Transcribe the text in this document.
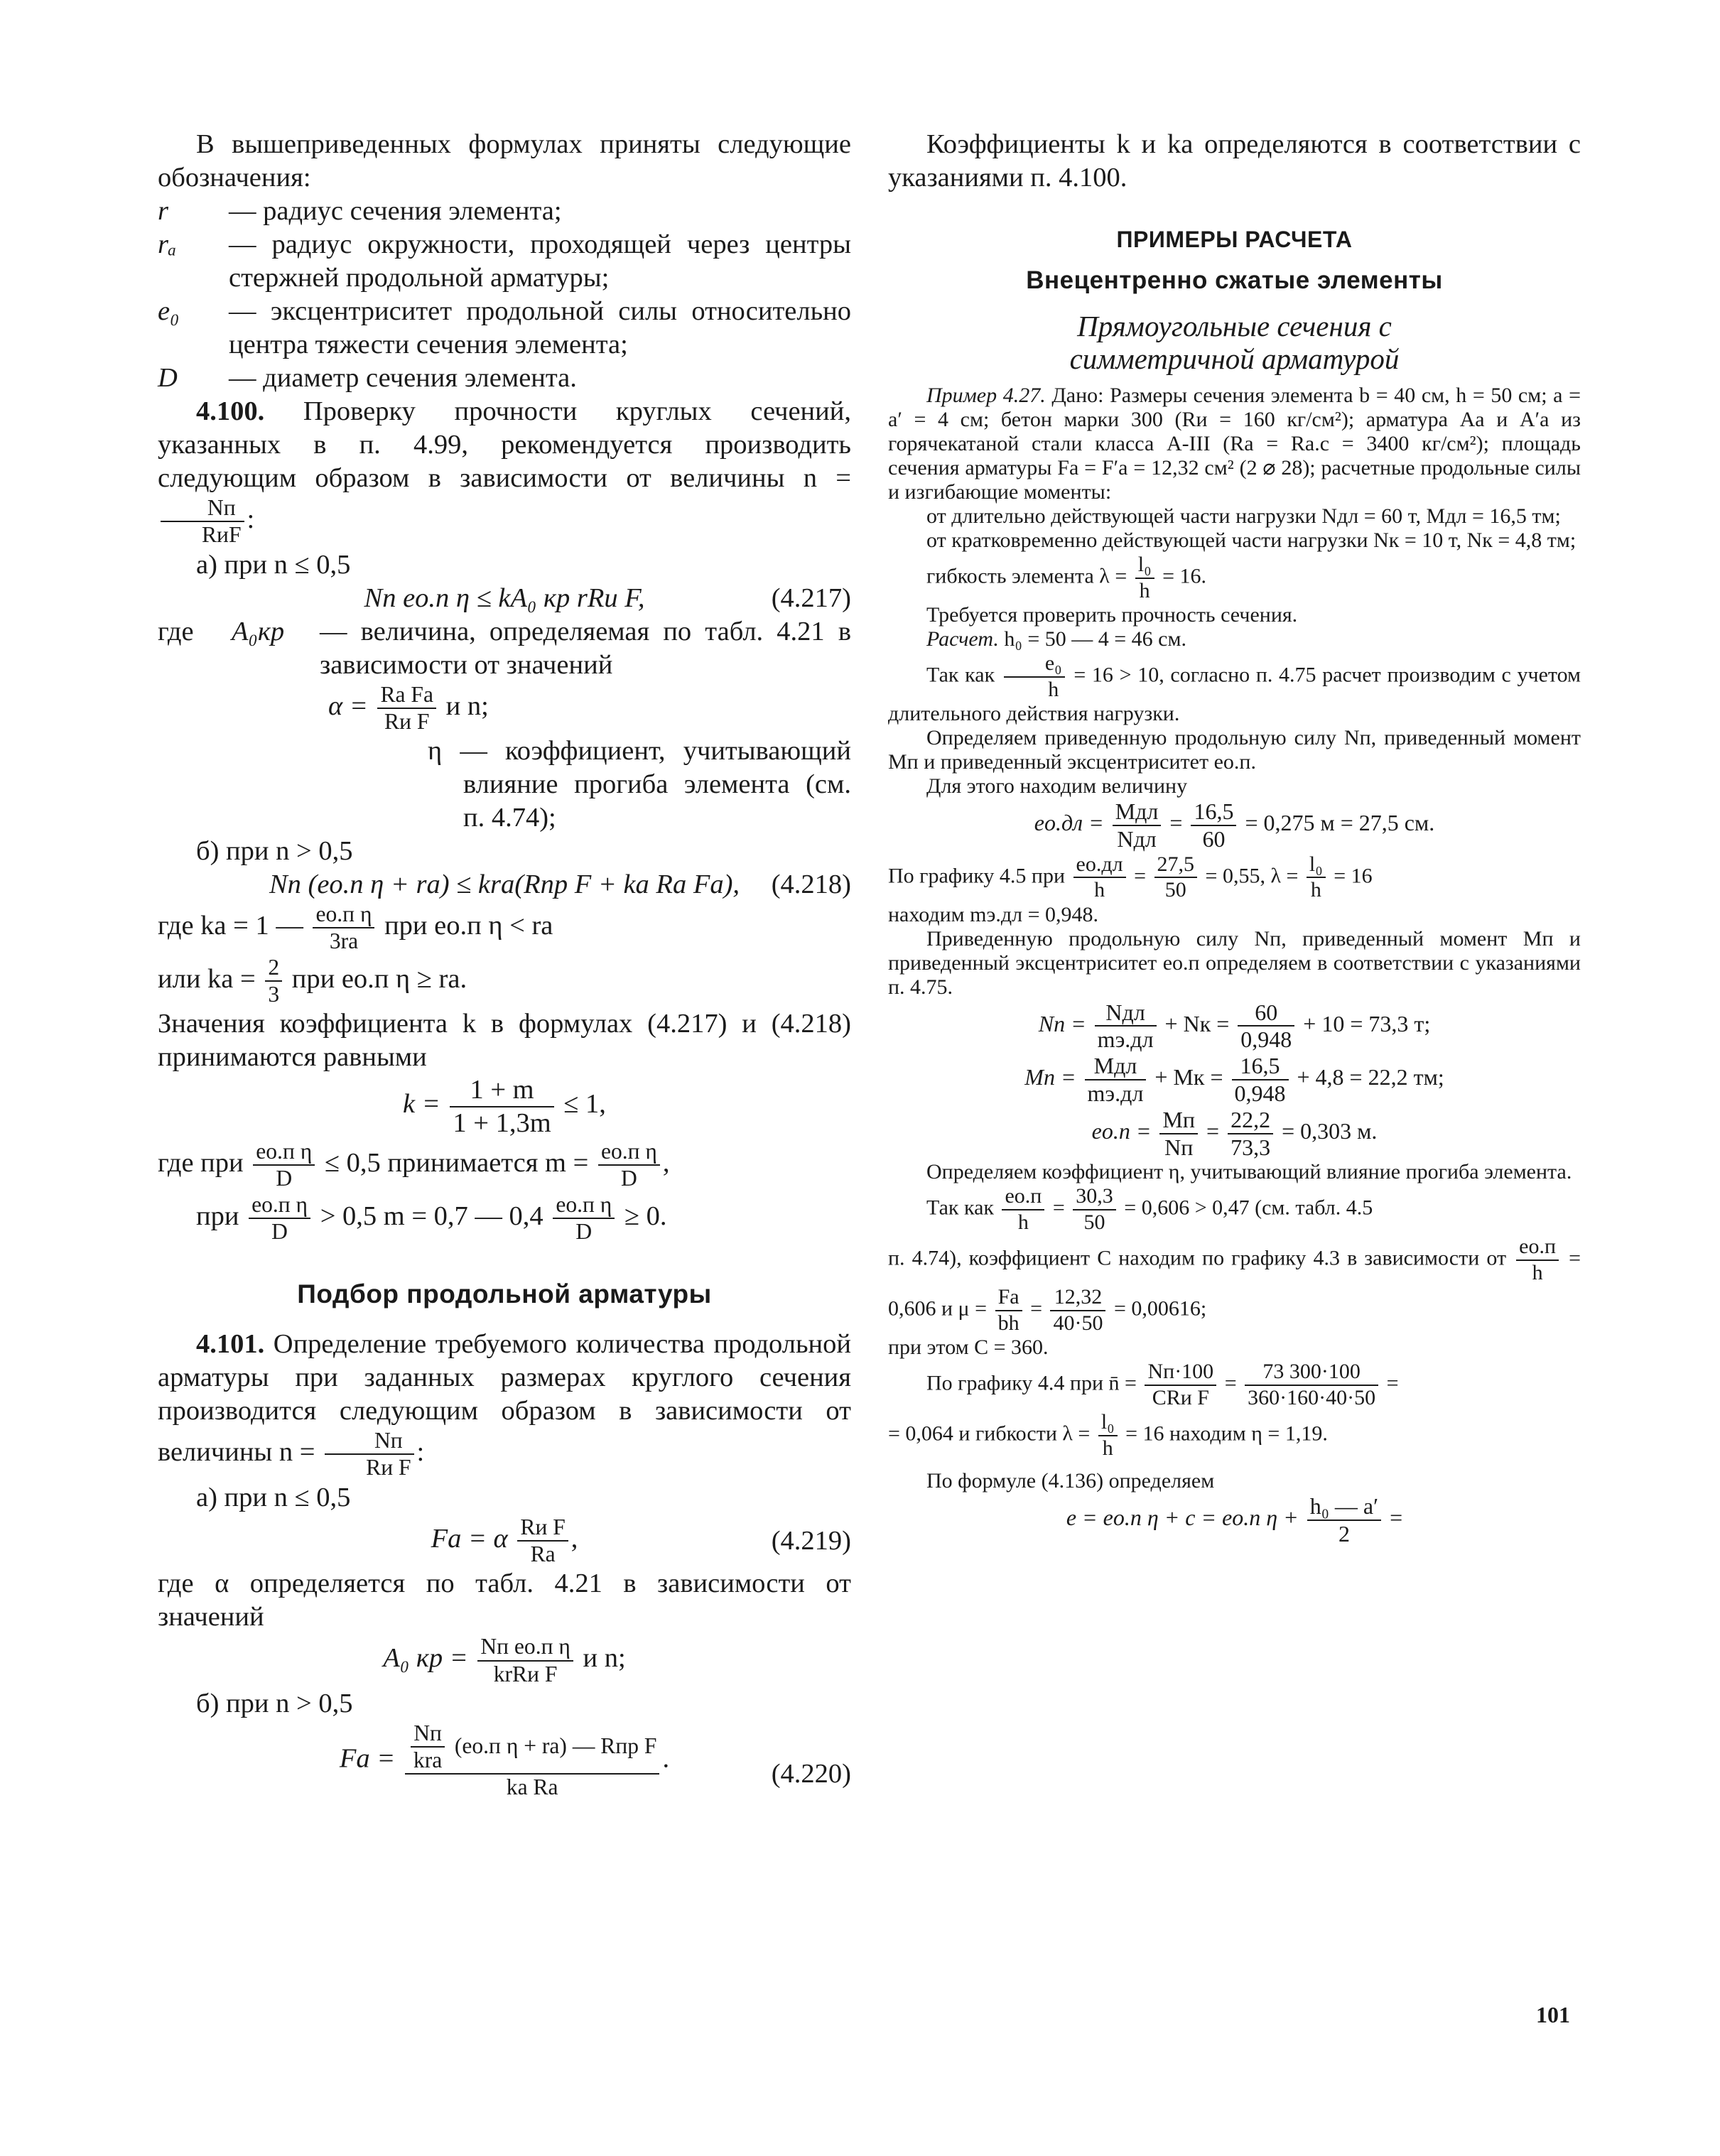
В вышеприведенных формулах приняты следующие обозначения:

r — радиус сечения элемента;
rₐ — радиус окружности, проходящей через центры стержней продольной арматуры;
e₀ — эксцентриситет продольной силы относительно центра тяжести сечения элемента;
D — диаметр сечения элемента.

4.100. Проверку прочности круглых сечений, указанных в п. 4.99, рекомендуется производить следующим образом в зависимости от величины n =
$\frac{Nп}{\text{RиF}}$ :

а) при n ≤ 0,5

Nп eо.п η ≤ kA₀ кр rRи F,	(4.217)
где A₀кр — величина, определяемая по табл. 4.21 в зависимости от значений
$\alpha = \frac{\text{Rа Fа}}{\text{Rи F}}$ и n;

η — коэффициент, учитывающий влияние прогиба элемента (см. п. 4.74);

б) при n > 0,5

Nп (eо.п η + rа) ≤ krа(Rпр F + kа Rа Fа), (4.218)
где kа = 1 — $\frac{\text{eо.п η}}{3rа}$ при eо.п η < rа
или kа = $\frac{2}{3}$ при eо.п η ≥ rа.

Значения коэффициента k в формулах (4.217) и (4.218) принимаются равными

$k = \frac{1 + m}{1 + 1,3m} \le 1$,
где при $\frac{\text{eо.п η}}{D} \le 0,5$ принимается $m = \frac{\text{eо.п η}}{D}$ ,
при $\frac{\text{eо.п η}}{D} > 0,5$ m = 0,7 — $0,4 \frac{\text{eо.п η}}{D} \ge 0$.

Подбор продольной арматуры

4.101. Определение требуемого количества продольной арматуры при заданных размерах круглого сечения производится следующим образом в зависимости от величины $n = \frac{Nп}{\text{Rи F}}$ :

а) при n ≤ 0,5

Fа = α $\frac{\text{Rи F}}{Rа}$ ,	(4.219)

где α определяется по табл. 4.21 в зависимости от значений

A₀ кр = $\frac{\text{Nп eо.п η}}{\text{krRи F}}$ и n;

б) при n > 0,5

Fа = $\frac{\frac{Nп}{\text{krа}} (eо.п \eta + rа) — Rпр F}{\text{kа Rа}}$ .
(4.220)

Коэффициенты k и kа определяются в соответствии с указаниями п. 4.100.

ПРИМЕРЫ РАСЧЕТА

Внецентренно сжатые элементы

Прямоугольные сечения с симметричной арматурой

Пример 4.27. Дано: Размеры сечения элемента b = 40 см, h = 50 см; a = a′ = 4 см; бетон марки 300 (Rи = 160 кг/см²); арматура Aа и A′а из горячекатаной стали класса А-III (Rа = Rа.с = 3400 кг/см²); площадь сечения арматуры Fа = F′а = 12,32 см² (2 ⌀ 28); расчетные продольные силы и изгибающие моменты:

от длительно действующей части нагрузки Nдл = 60 т, Mдл = 16,5 тм;

от кратковременно действующей части нагрузки Nк = 10 т, Nк = 4,8 тм;

гибкость элемента $\lambda = \frac{\text{l₀}}{h} = 16$.

Требуется проверить прочность сечения.

Расчет. h₀ = 50 — 4 = 46 см.

Так как $\frac{\text{e₀}}{h} = 16 > 10$, согласно п. 4.75 расчет производим с учетом длительного действия нагрузки.

Определяем приведенную продольную силу Nп, приведенный момент Mп и приведенный эксцентриситет eо.п.

Для этого находим величину

$eо.дл = \frac{\text{Mдл}}{\text{Nдл}} = \frac{16,5}{60} = 0,275$ м = 27,5 см.
По графику 4.5 при $\frac{eо.дл}{h} = \frac{27,5}{50} = 0,55$, $\lambda = \frac{\text{l₀}}{h} = 16$

находим mэ.дл = 0,948.

Приведенную продольную силу Nп, приведенный момент Mп и приведенный эксцентриситет eо.п определяем в соответствии с указаниями п. 4.75.

Nп = $\frac{\text{Nдл}}{mэ.дл}$ + Nк = $\frac{60}{0,948} + 10 = 73,3$ т;
Mп = $\frac{\text{Mдл}}{mэ.дл}$ + Mк = $\frac{16,5}{0,948} + 4,8 = 22,2$ тм;
$eо.п = \frac{Mп}{Nп} = \frac{22,2}{73,3} = 0,303$ м.

Определяем коэффициент η, учитывающий влияние прогиба элемента.

Так как $\frac{eо.п}{h} = \frac{30,3}{50} = 0,606 > 0,47$ (см. табл. 4.5

п. 4.74), коэффициент C находим по графику 4.3 в зависимости от $\frac{eо.п}{h} = 0,606$ и $\mu = \frac{Fа}{bh} = \frac{12,32}{40\cdot 50} = 0,00616$;

при этом C = 360.

По графику 4.4 при n̄ = $\frac{Nп\cdot 100}{\text{CRи F}} = \frac{73 300\cdot 100}{360\cdot 160\cdot 40\cdot 50}$ =
= 0,064 и гибкости $\lambda = \frac{\text{l₀}}{h} = 16$ находим η = 1,19.

По формуле (4.136) определяем

e = eо.п η + c = eо.п $\eta + \frac{\text{h₀ — a′}}{2}$ =
101
